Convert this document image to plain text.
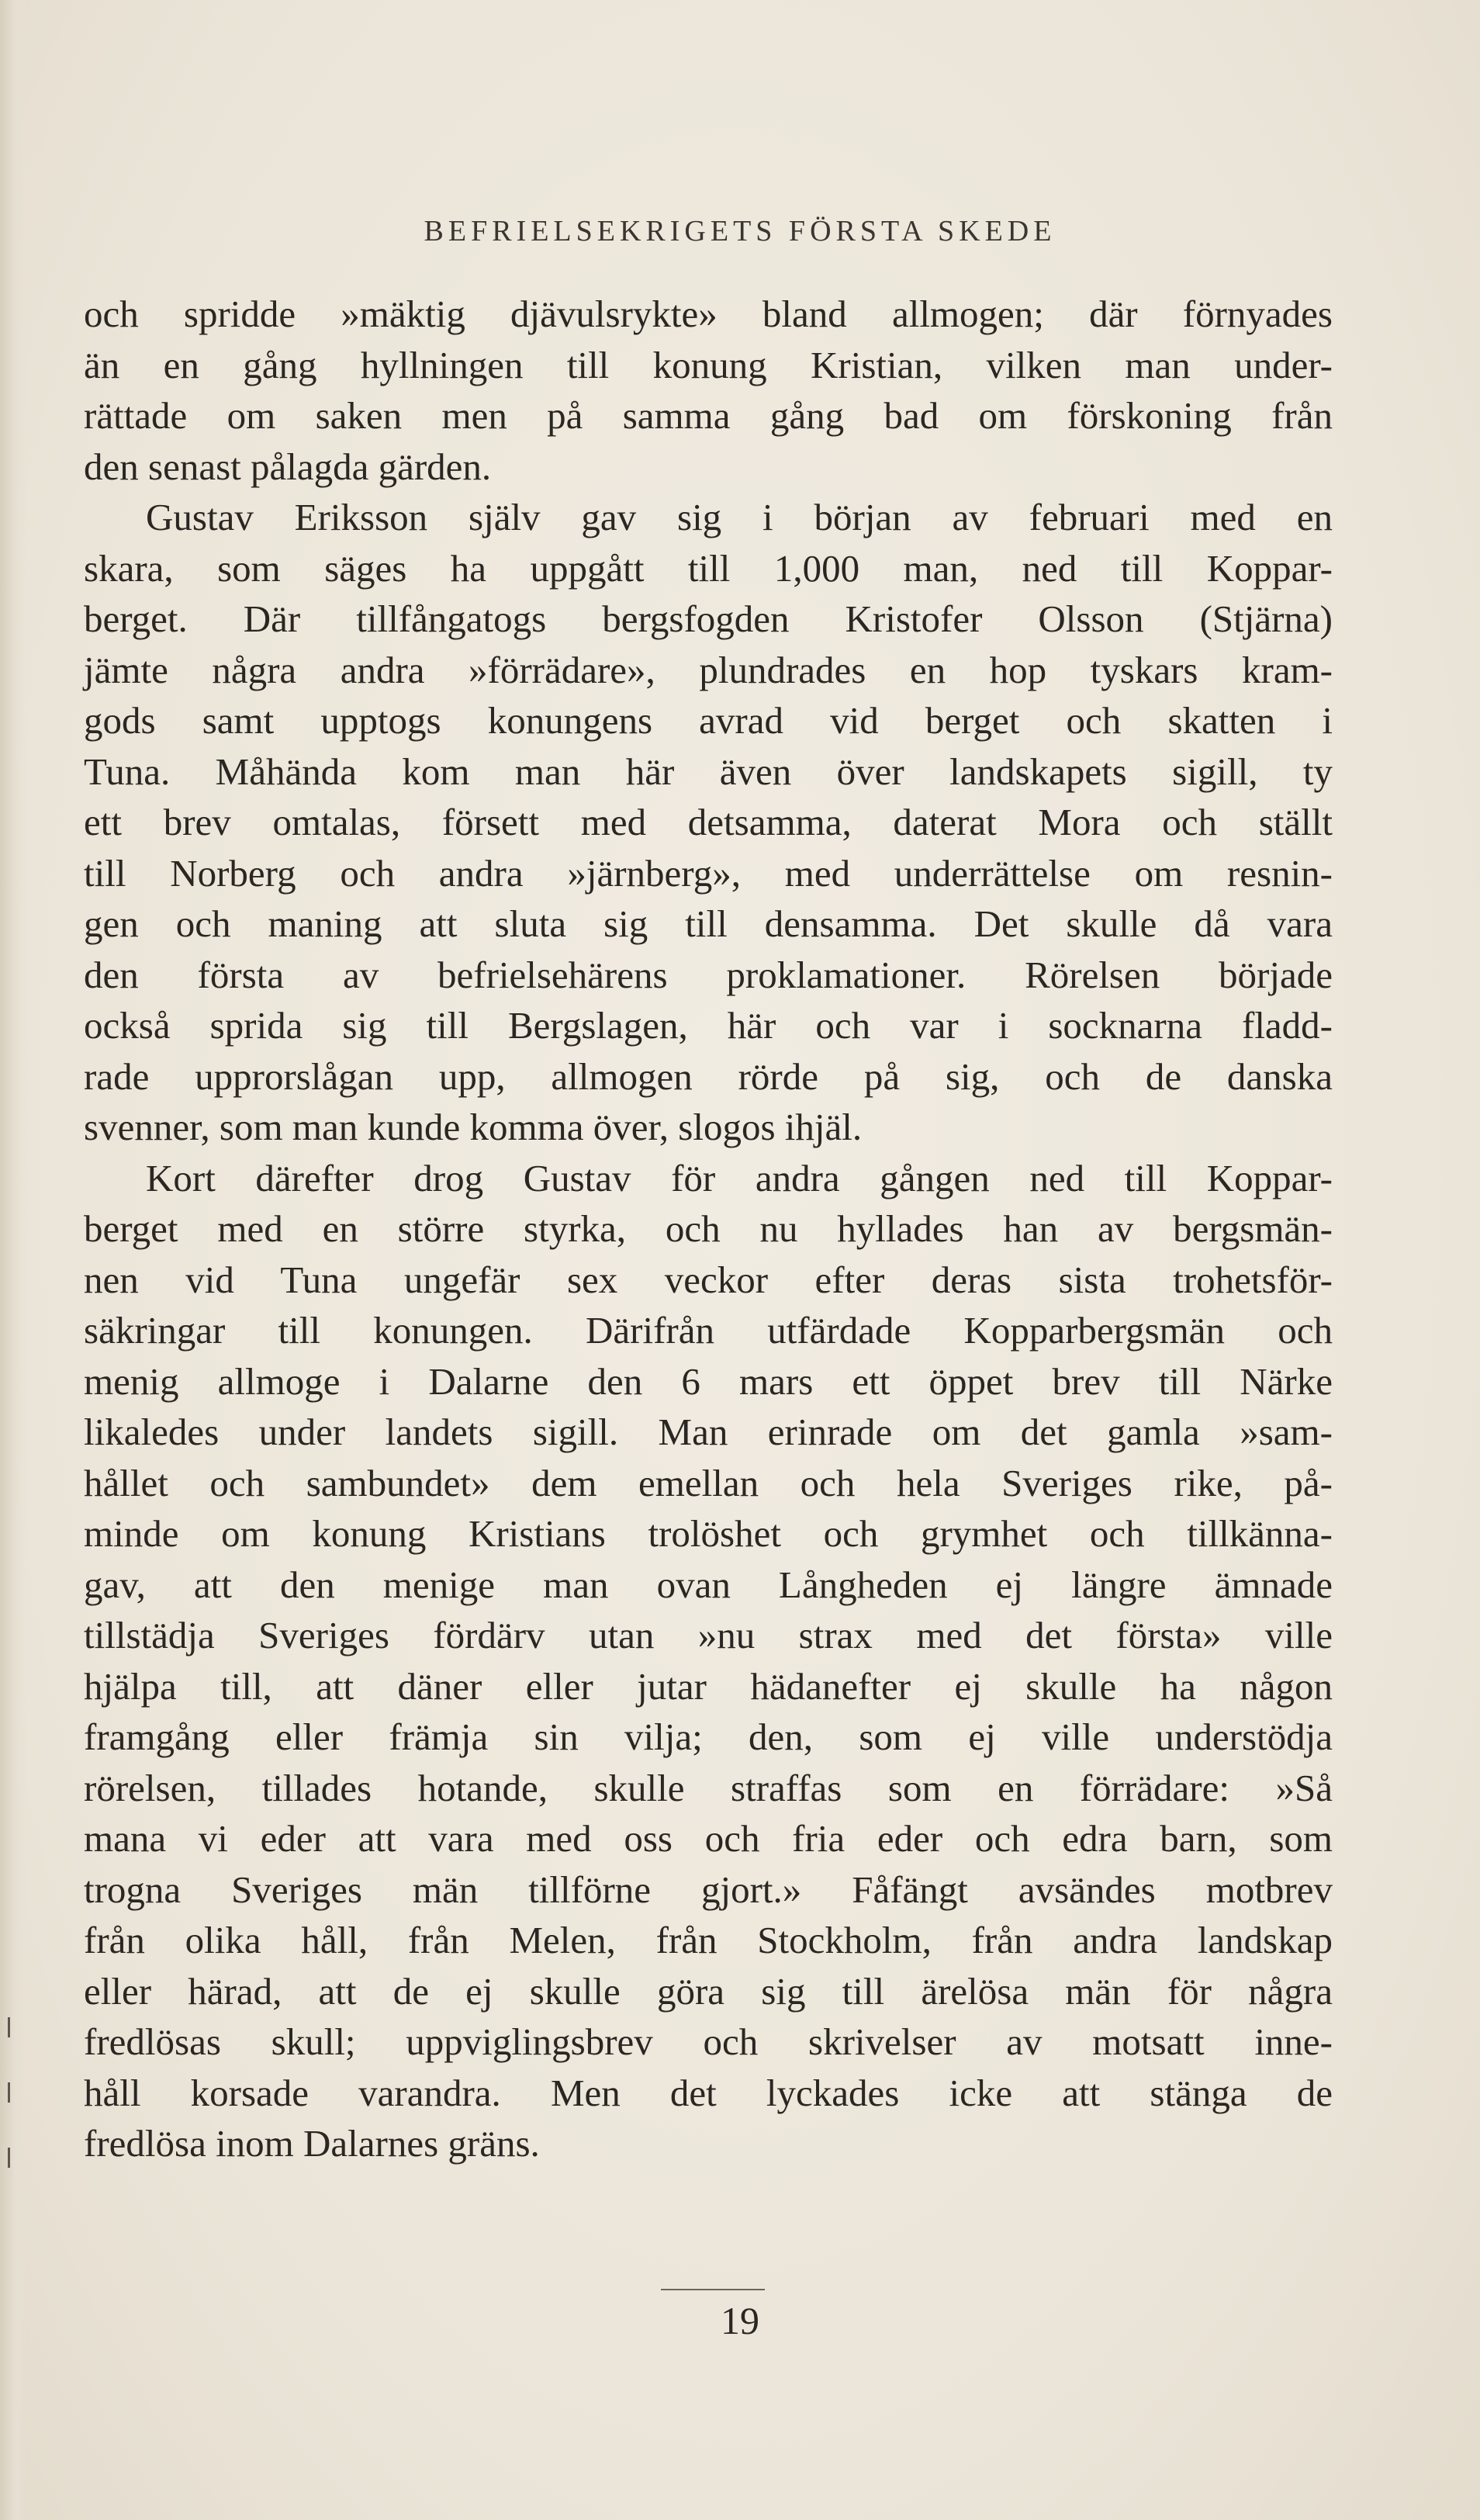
BEFRIELSEKRIGETS FÖRSTA SKEDE
och spridde »mäktig djävulsrykte» bland allmogen; där förnyades
än en gång hyllningen till konung Kristian, vilken man under-
rättade om saken men på samma gång bad om förskoning från
den senast pålagda gärden.
Gustav Eriksson själv gav sig i början av februari med en
skara, som säges ha uppgått till 1,000 man, ned till Koppar-
berget. Där tillfångatogs bergsfogden Kristofer Olsson (Stjärna)
jämte några andra »förrädare», plundrades en hop tyskars kram-
gods samt upptogs konungens avrad vid berget och skatten i
Tuna. Måhända kom man här även över landskapets sigill, ty
ett brev omtalas, försett med detsamma, daterat Mora och ställt
till Norberg och andra »järnberg», med underrättelse om resnin-
gen och maning att sluta sig till densamma. Det skulle då vara
den första av befrielsehärens proklamationer. Rörelsen började
också sprida sig till Bergslagen, här och var i socknarna fladd-
rade upprorslågan upp, allmogen rörde på sig, och de danska
svenner, som man kunde komma över, slogos ihjäl.
Kort därefter drog Gustav för andra gången ned till Koppar-
berget med en större styrka, och nu hyllades han av bergsmän-
nen vid Tuna ungefär sex veckor efter deras sista trohetsför-
säkringar till konungen. Därifrån utfärdade Kopparbergsmän och
menig allmoge i Dalarne den 6 mars ett öppet brev till Närke
likaledes under landets sigill. Man erinrade om det gamla »sam-
hållet och sambundet» dem emellan och hela Sveriges rike, på-
minde om konung Kristians trolöshet och grymhet och tillkänna-
gav, att den menige man ovan Långheden ej längre ämnade
tillstädja Sveriges fördärv utan »nu strax med det första» ville
hjälpa till, att däner eller jutar hädanefter ej skulle ha någon
framgång eller främja sin vilja; den, som ej ville understödja
rörelsen, tillades hotande, skulle straffas som en förrädare: »Så
mana vi eder att vara med oss och fria eder och edra barn, som
trogna Sveriges män tillförne gjort.» Fåfängt avsändes motbrev
från olika håll, från Melen, från Stockholm, från andra landskap
eller härad, att de ej skulle göra sig till ärelösa män för några
fredlösas skull; uppviglingsbrev och skrivelser av motsatt inne-
håll korsade varandra. Men det lyckades icke att stänga de
fredlösa inom Dalarnes gräns.
19
